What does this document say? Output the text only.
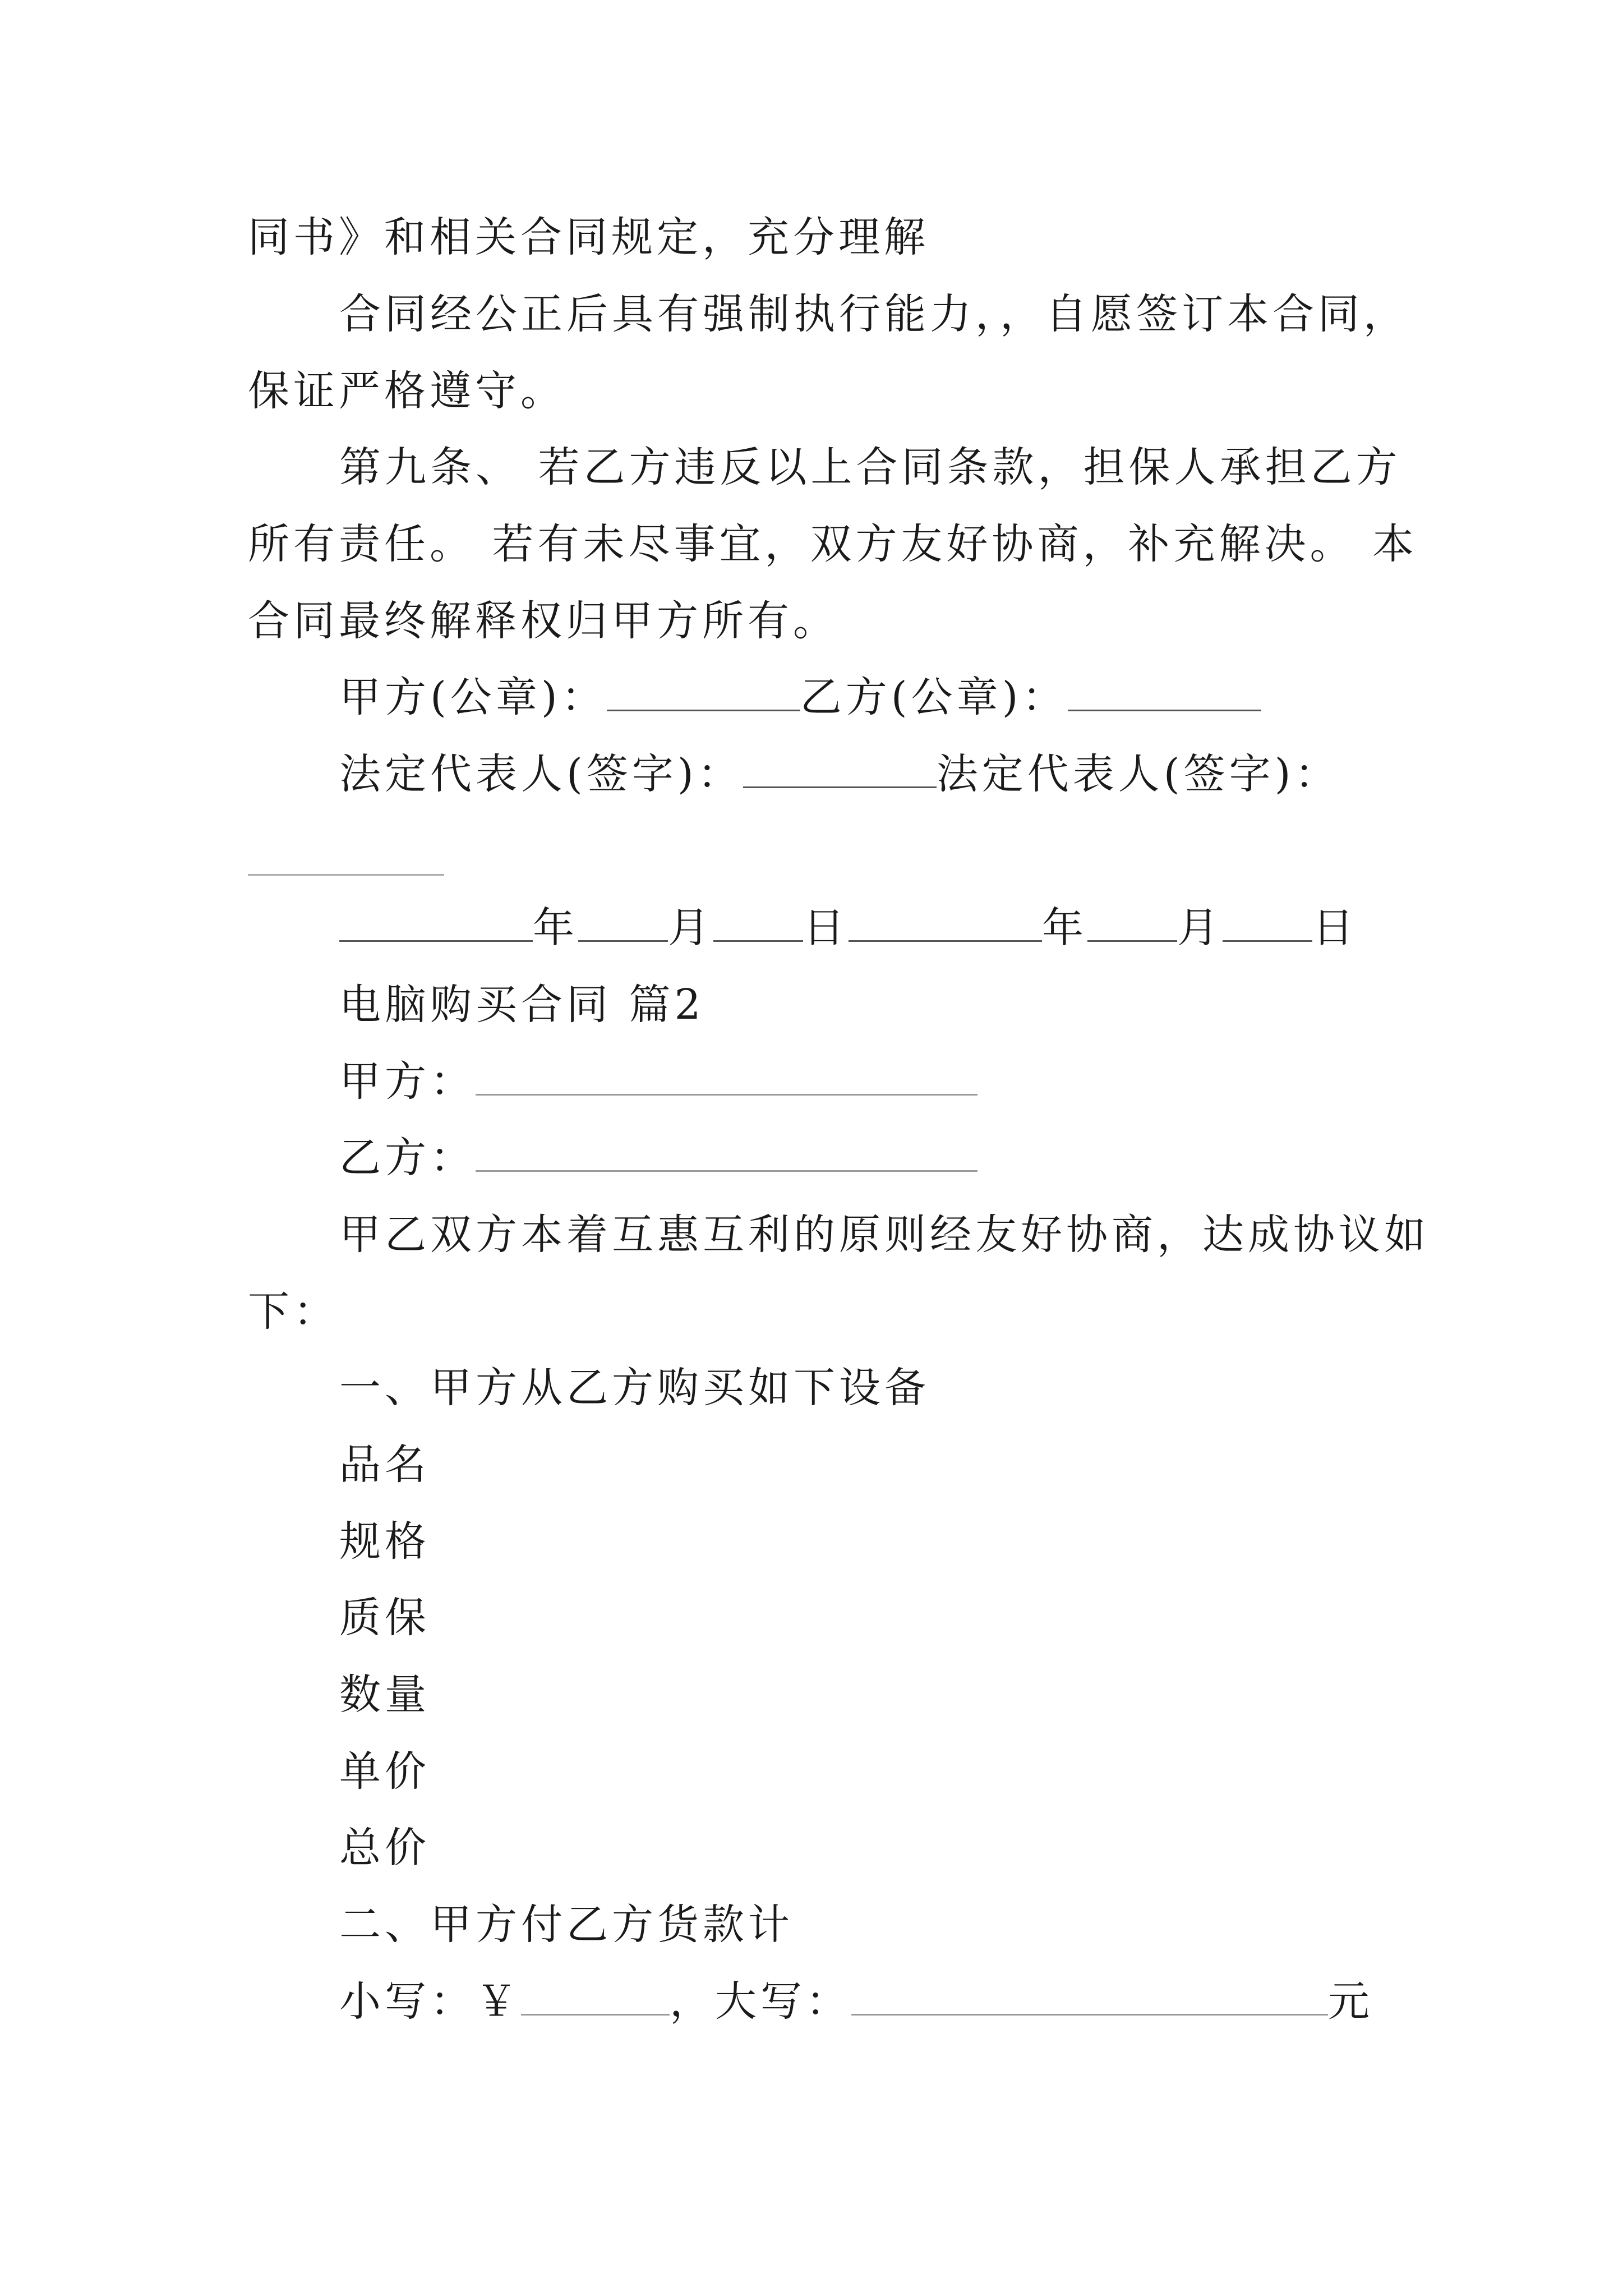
同书》和相关合同规定，充分理解
合同经公正后具有强制执行能力，，自愿签订本合同，
保证严格遵守。
第九条、 若乙方违反以上合同条款，担保人承担乙方
所有责任。 若有未尽事宜，双方友好协商，补充解决。 本
合同最终解释权归甲方所有。
甲方(公章)：	乙方(公章)：
法定代表人(签字)：	法定代表人(签字)：
年 月 日	年 月 日
电脑购买合同 篇2
甲方：
乙方：
甲乙双方本着互惠互利的原则经友好协商，达成协议如
下：
一、甲方从乙方购买如下设备
品名
规格
质保
数量
单价
总价
二、甲方付乙方货款计
小写：￥	，大写：	元
